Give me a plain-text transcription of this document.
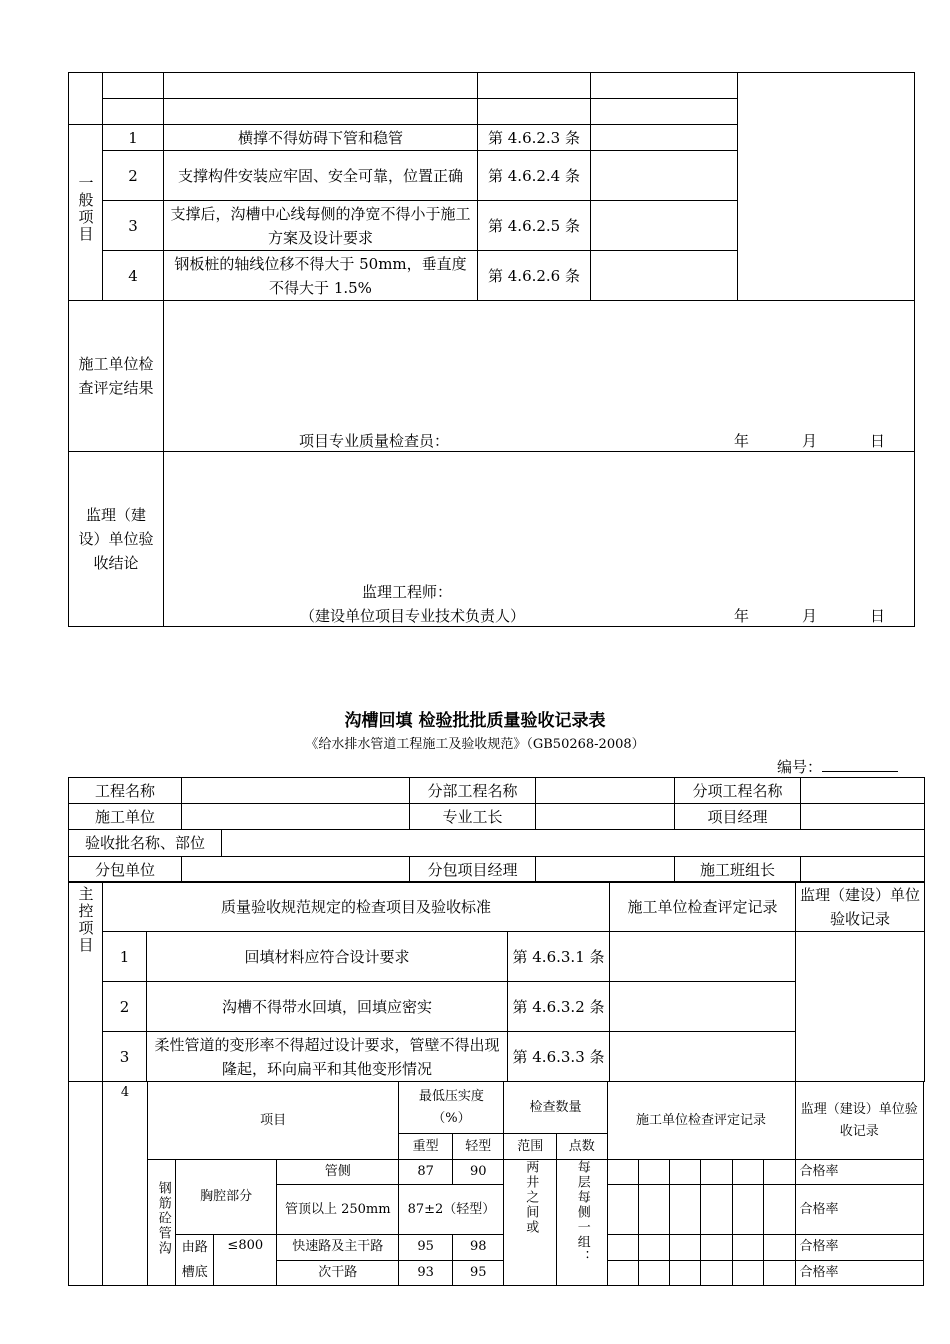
一般项目	1	横撑不得妨碍下管和稳管	第 4.6.2.3 条		
	2	支撑构件安装应牢固、安全可靠，位置正确	第 4.6.2.4 条		
	3	支撑后，沟槽中心线每侧的净宽不得小于施工方案及设计要求	第 4.6.2.5 条		
	4	钢板桩的轴线位移不得大于 50mm，垂直度不得大于 1.5%	第 4.6.2.6 条		
施工单位检查评定结果					
监理（建设）单位验收结论					
项目专业质量检查员：	年	月	日
监理工程师：
（建设单位项目专业技术负责人）	年	月	日
沟槽回填 检验批批质量验收记录表
《给水排水管道工程施工及验收规范》（GB50268-2008）
编号：
工程名称		分部工程名称		分项工程名称	
施工单位		专业工长		项目经理	

验收批名称、部位					

分包单位		分包项目经理		施工班组长	
主控项目	质量验收规范规定的检查项目及验收标准			施工单位检查评定记录	监理（建设）单位验收记录
	1	回填材料应符合设计要求	第 4.6.3.1 条		
	2	沟槽不得带水回填，回填应密实	第 4.6.3.2 条		
	3	柔性管道的变形率不得超过设计要求，管壁不得出现隆起，环向扁平和其他变形情况	第 4.6.3.3 条		
	4	项目				最低压实度（%）		检查数量		施工单位检查评定记录						监理（建设）单位验收记录
						重型	轻型	范围	点数							
		钢筋砼管沟	胸腔部分		管侧	87	90	两井之间或	每层每侧一组：							合格率
					管顶以上 250mm	87±2（轻型）										合格率
			由路槽底	≤800	快速路及主干路	95	98									合格率
					次干路	93	95									合格率
